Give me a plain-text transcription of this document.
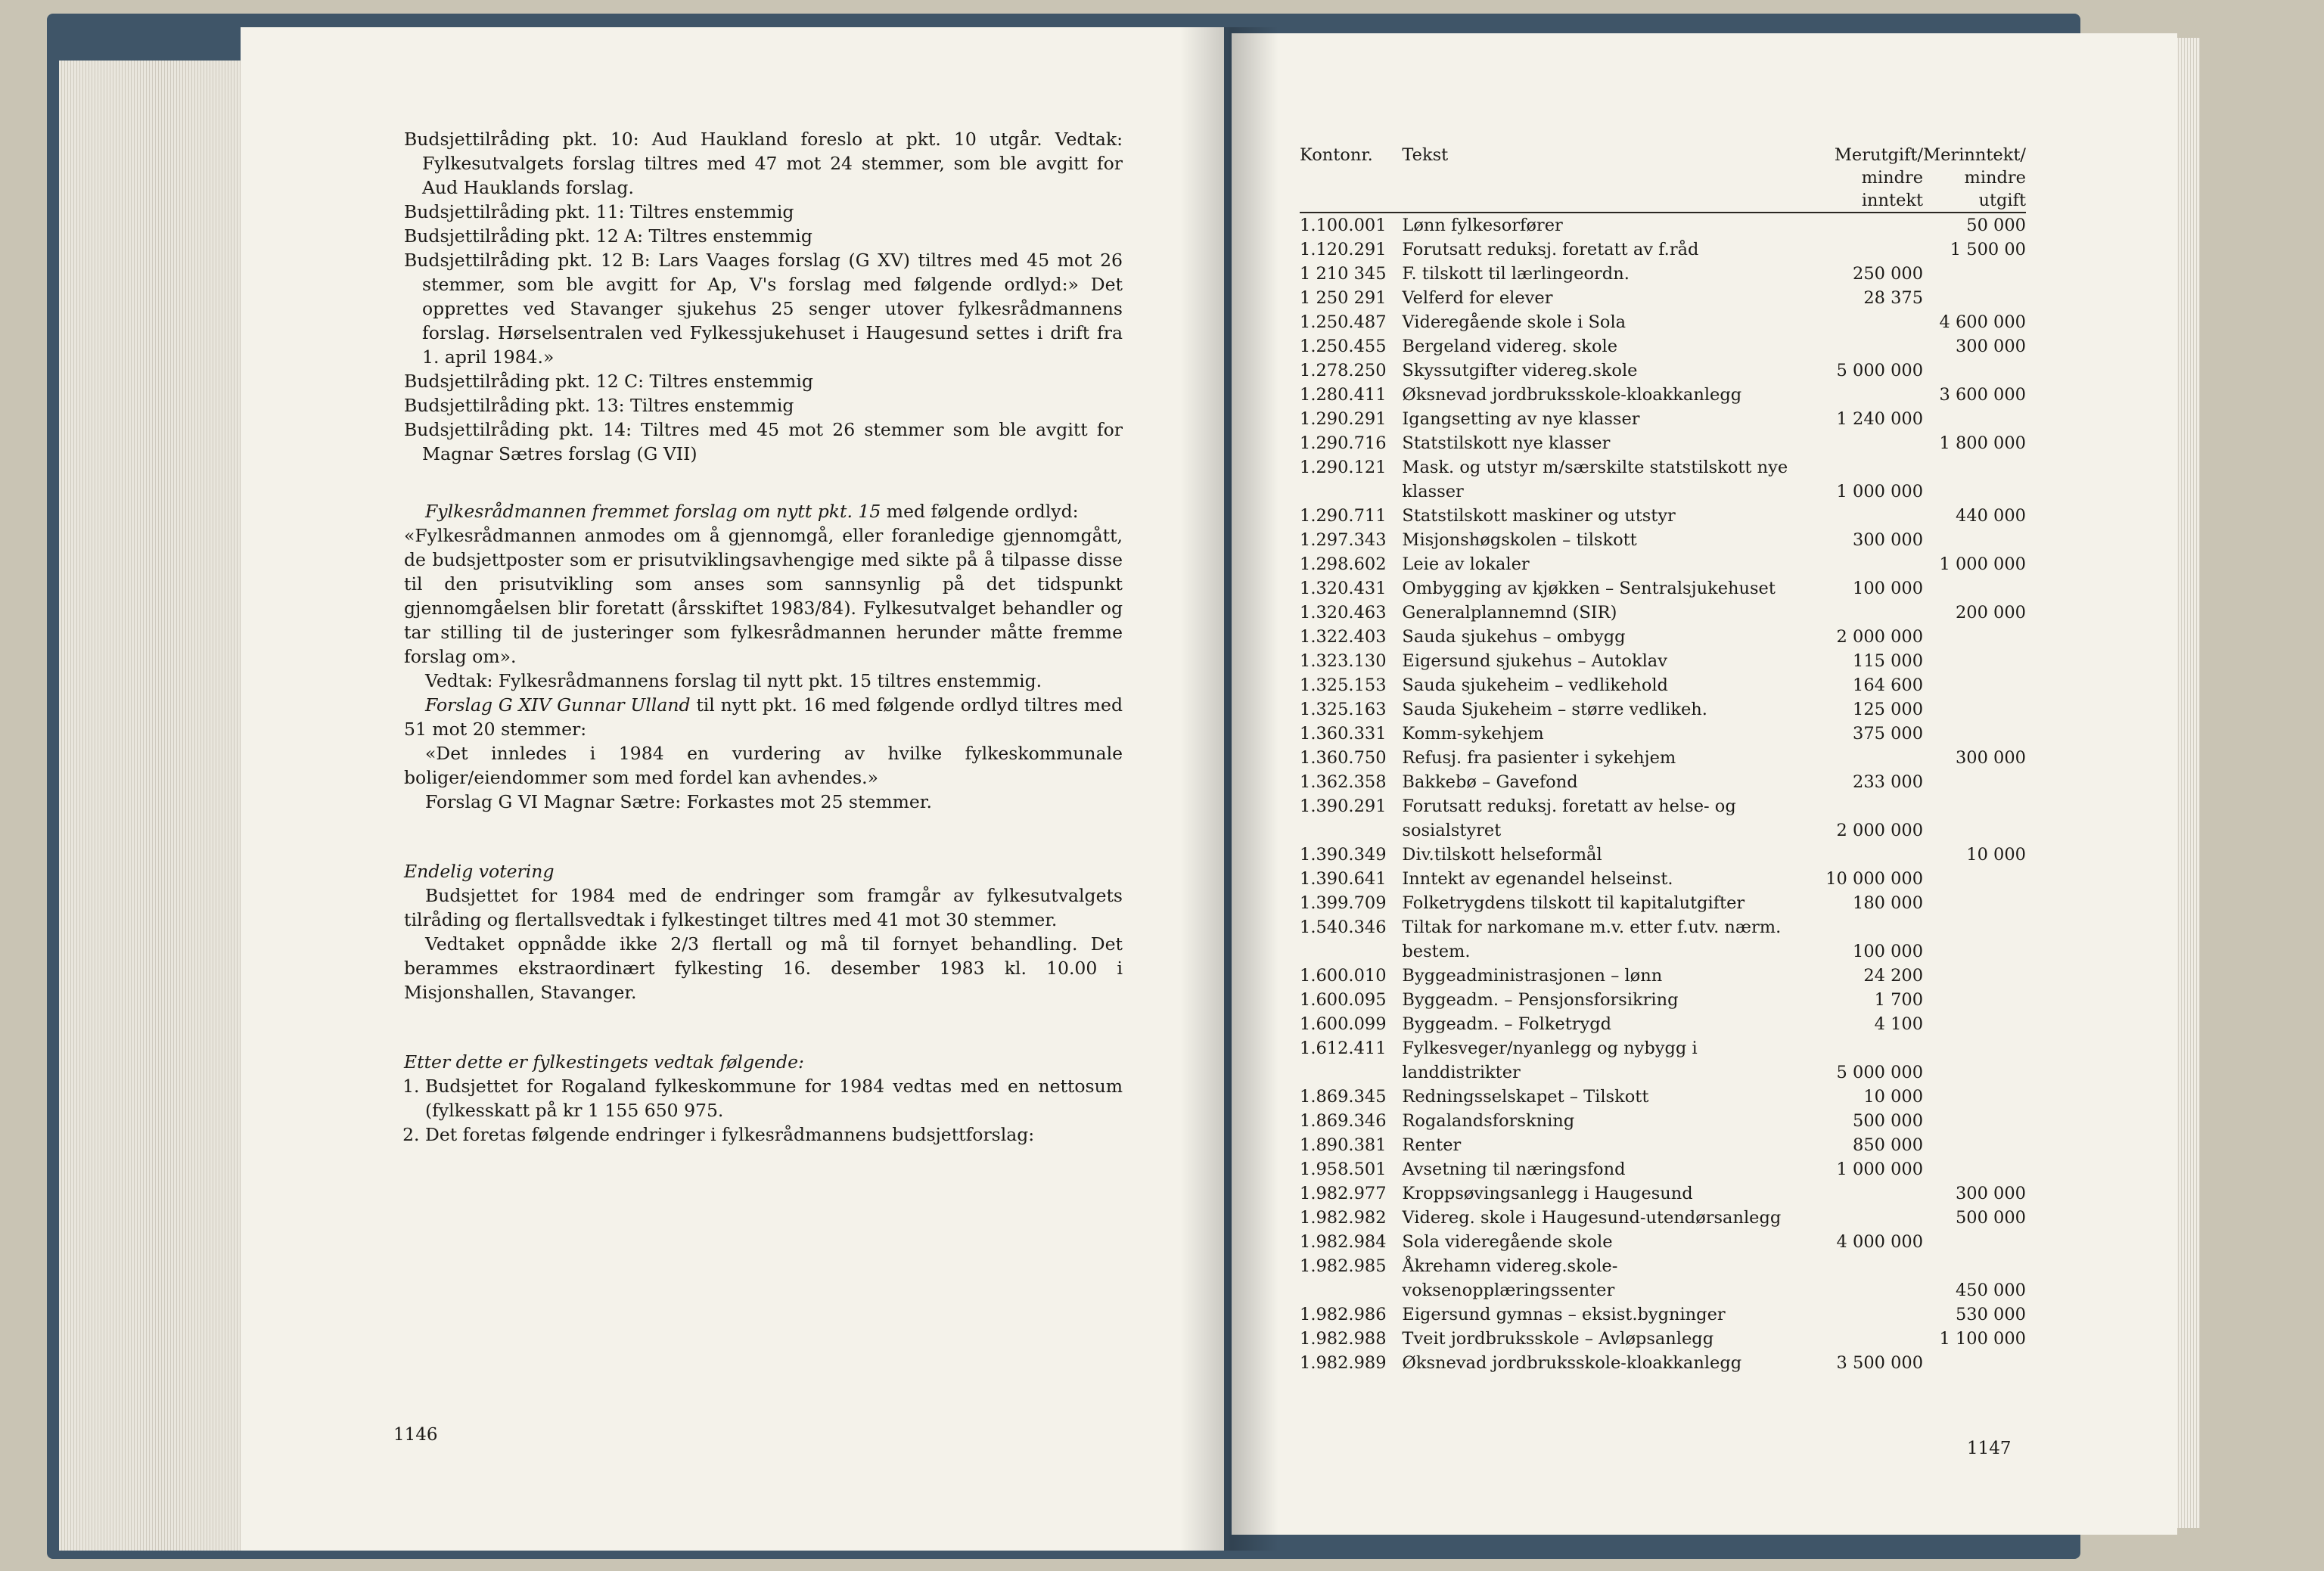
Budsjettilråding pkt. 10: Aud Haukland foreslo at pkt. 10 utgår. Vedtak: Fylkesutvalgets forslag tiltres med 47 mot 24 stemmer, som ble avgitt for Aud Hauklands forslag.

Budsjettilråding pkt. 11: Tiltres enstemmig

Budsjettilråding pkt. 12 A: Tiltres enstemmig

Budsjettilråding pkt. 12 B: Lars Vaages forslag (G XV) tiltres med 45 mot 26 stemmer, som ble avgitt for Ap, V's forslag med følgende ordlyd:» Det opprettes ved Stavanger sjukehus 25 senger utover fylkesrådmannens forslag. Hørselsentralen ved Fylkessjukehuset i Haugesund settes i drift fra 1. april 1984.»

Budsjettilråding pkt. 12 C: Tiltres enstemmig

Budsjettilråding pkt. 13: Tiltres enstemmig

Budsjettilråding pkt. 14: Tiltres med 45 mot 26 stemmer som ble avgitt for Magnar Sætres forslag (G VII)

Fylkesrådmannen fremmet forslag om nytt pkt. 15 med følgende ordlyd:

«Fylkesrådmannen anmodes om å gjennomgå, eller foranledige gjennomgått, de budsjettposter som er prisutviklingsavhengige med sikte på å tilpasse disse til den prisutvikling som anses som sannsynlig på det tidspunkt gjennomgåelsen blir foretatt (årsskiftet 1983/84). Fylkesutvalget behandler og tar stilling til de justeringer som fylkesrådmannen herunder måtte fremme forslag om».

Vedtak: Fylkesrådmannens forslag til nytt pkt. 15 tiltres enstemmig.

Forslag G XIV Gunnar Ulland til nytt pkt. 16 med følgende ordlyd tiltres med 51 mot 20 stemmer:

«Det innledes i 1984 en vurdering av hvilke fylkeskommunale boliger/eiendommer som med fordel kan avhendes.»

Forslag G VI Magnar Sætre: Forkastes mot 25 stemmer.

Endelig votering

Budsjettet for 1984 med de endringer som framgår av fylkesutvalgets tilråding og flertallsvedtak i fylkestinget tiltres med 41 mot 30 stemmer.

Vedtaket oppnådde ikke 2/3 flertall og må til fornyet behandling. Det berammes ekstraordinært fylkesting 16. desember 1983 kl. 10.00 i Misjonshallen, Stavanger.

Etter dette er fylkestingets vedtak følgende:

1. Budsjettet for Rogaland fylkeskommune for 1984 vedtas med en nettosum (fylkesskatt på kr 1 155 650 975.
2. Det foretas følgende endringer i fylkesrådmannens budsjettforslag:
1146
Kontonr.	Tekst	Merutgift/ mindre inntekt	Merinntekt/ mindre utgift
1.100.001	Lønn fylkesorfører		50 000
1.120.291	Forutsatt reduksj. foretatt av f.råd		1 500 00
1 210 345	F. tilskott til lærlingeordn.	250 000	
1 250 291	Velferd for elever	28 375	
1.250.487	Videregående skole i Sola		4 600 000
1.250.455	Bergeland videreg. skole		300 000
1.278.250	Skyssutgifter videreg.skole	5 000 000	
1.280.411	Øksnevad jordbruksskole-kloakkanlegg		3 600 000
1.290.291	Igangsetting av nye klasser	1 240 000	
1.290.716	Statstilskott nye klasser		1 800 000
1.290.121	Mask. og utstyr m/særskilte statstilskott nye klasser	1 000 000	
1.290.711	Statstilskott maskiner og utstyr		440 000
1.297.343	Misjonshøgskolen – tilskott	300 000	
1.298.602	Leie av lokaler		1 000 000
1.320.431	Ombygging av kjøkken – Sentralsjukehuset	100 000	
1.320.463	Generalplannemnd (SIR)		200 000
1.322.403	Sauda sjukehus – ombygg	2 000 000	
1.323.130	Eigersund sjukehus – Autoklav	115 000	
1.325.153	Sauda sjukeheim – vedlikehold	164 600	
1.325.163	Sauda Sjukeheim – større vedlikeh.	125 000	
1.360.331	Komm-sykehjem	375 000	
1.360.750	Refusj. fra pasienter i sykehjem		300 000
1.362.358	Bakkebø – Gavefond	233 000	
1.390.291	Forutsatt reduksj. foretatt av helse- og sosialstyret	2 000 000	
1.390.349	Div.tilskott helseformål		10 000
1.390.641	Inntekt av egenandel helseinst.	10 000 000	
1.399.709	Folketrygdens tilskott til kapitalutgifter	180 000	
1.540.346	Tiltak for narkomane m.v. etter f.utv. nærm. bestem.	100 000	
1.600.010	Byggeadministrasjonen – lønn	24 200	
1.600.095	Byggeadm. – Pensjonsforsikring	1 700	
1.600.099	Byggeadm. – Folketrygd	4 100	
1.612.411	Fylkesveger/nyanlegg og nybygg i landdistrikter	5 000 000	
1.869.345	Redningsselskapet – Tilskott	10 000	
1.869.346	Rogalandsforskning	500 000	
1.890.381	Renter	850 000	
1.958.501	Avsetning til næringsfond	1 000 000	
1.982.977	Kroppsøvingsanlegg i Haugesund		300 000
1.982.982	Videreg. skole i Haugesund-utendørsanlegg		500 000
1.982.984	Sola videregående skole	4 000 000	
1.982.985	Åkrehamn videreg.skole-voksenopplæringssenter		450 000
1.982.986	Eigersund gymnas – eksist.bygninger		530 000
1.982.988	Tveit jordbruksskole – Avløpsanlegg		1 100 000
1.982.989	Øksnevad jordbruksskole-kloakkanlegg	3 500 000	
1147
